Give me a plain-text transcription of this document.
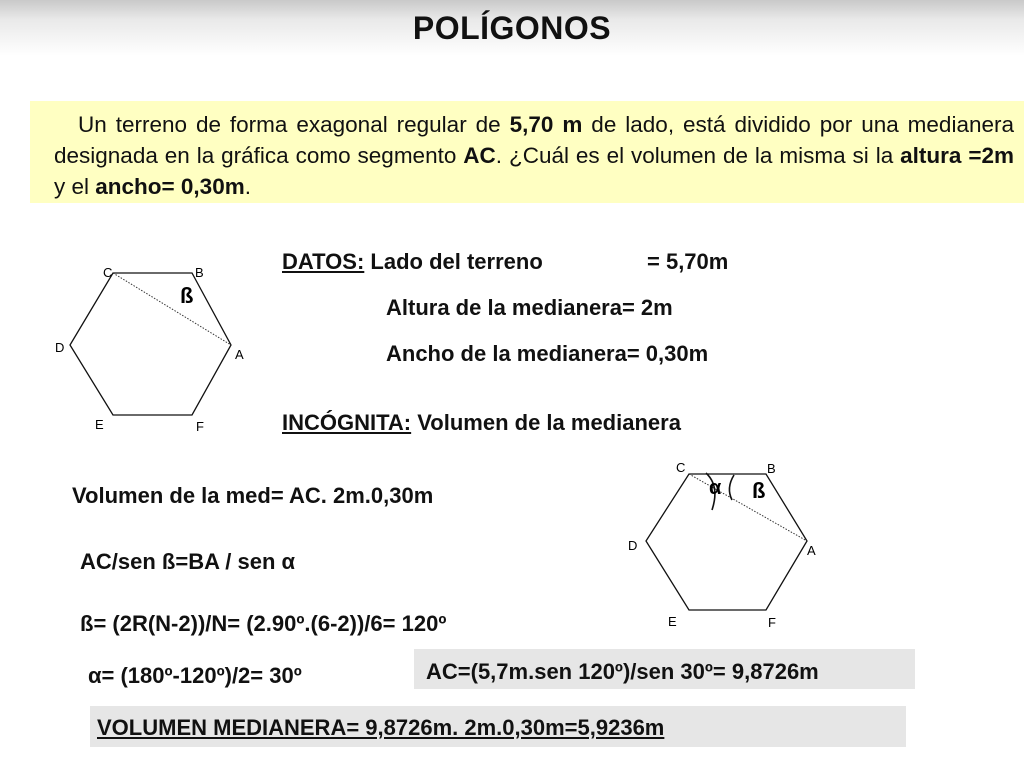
POLÍGONOS
Un terreno de forma exagonal regular de 5,70 m de lado, está dividido por una medianera designada en la gráfica como segmento AC. ¿Cuál es el volumen de la misma si la altura =2m y el ancho= 0,30m.
C	B
A
D
E	F
ß
DATOS: Lado del terreno	= 5,70m
Altura de la medianera= 2m
Ancho de la medianera= 0,30m
INCÓGNITA: Volumen de la medianera
Volumen de la med= AC. 2m.0,30m
AC/sen ß=BA / sen α
ß= (2R(N-2))/N= (2.90º.(6-2))/6= 120º
α= (180º-120º)/2= 30º
C	B
A
D
E	F
α ß
AC=(5,7m.sen 120º)/sen 30º= 9,8726m
VOLUMEN MEDIANERA= 9,8726m. 2m.0,30m=5,9236m
